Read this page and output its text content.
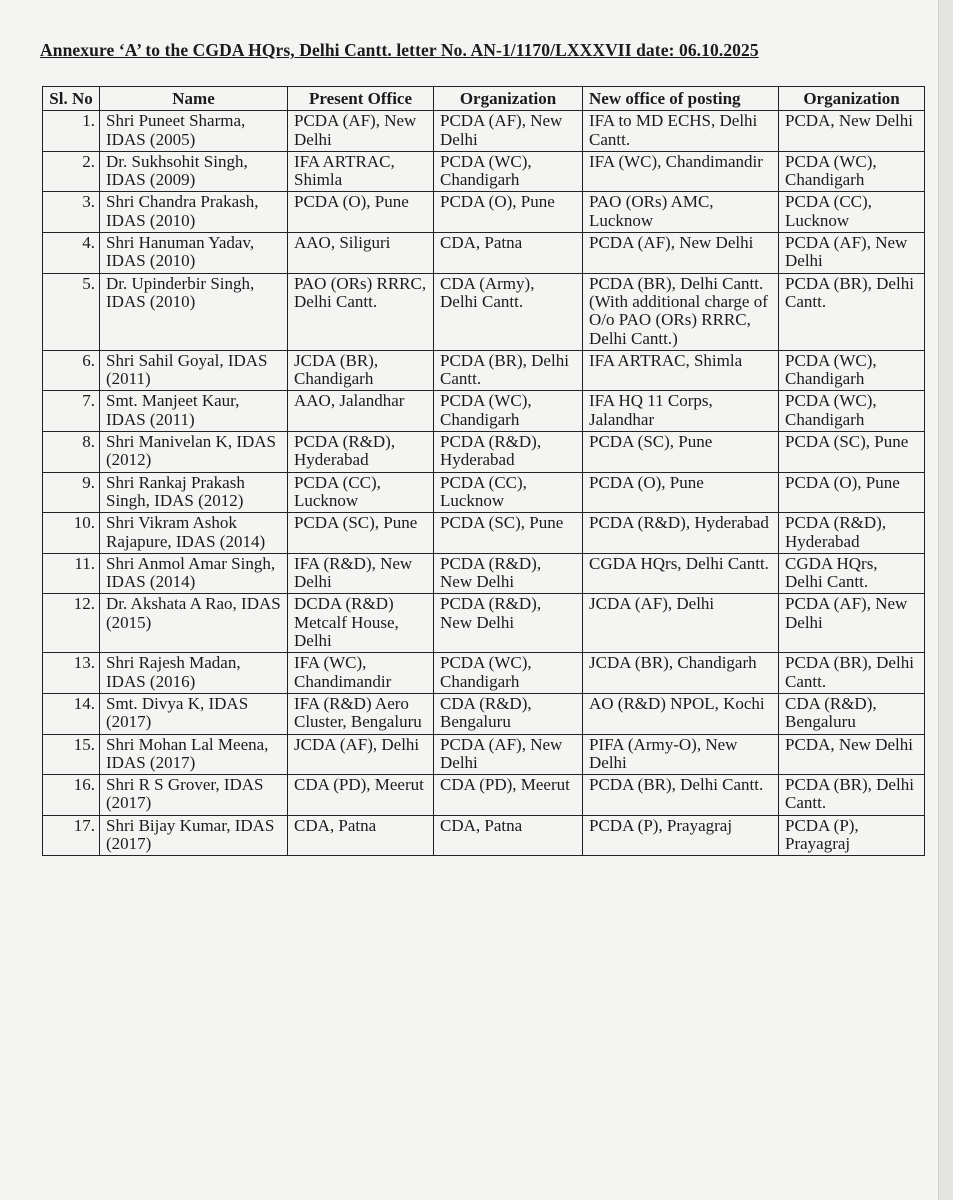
Annexure ‘A’ to the CGDA HQrs, Delhi Cantt. letter No. AN-1/1170/LXXXVII date: 06.10.2025
Sl. No	Name	Present Office	Organization	New office of posting	Organization
1.	Shri Puneet Sharma, IDAS (2005)	PCDA (AF), New Delhi	PCDA (AF), New Delhi	IFA to MD ECHS, Delhi Cantt.	PCDA, New Delhi
2.	Dr. Sukhsohit Singh, IDAS (2009)	IFA ARTRAC, Shimla	PCDA (WC), Chandigarh	IFA (WC), Chandimandir	PCDA (WC), Chandigarh
3.	Shri Chandra Prakash, IDAS (2010)	PCDA (O), Pune	PCDA (O), Pune	PAO (ORs) AMC, Lucknow	PCDA (CC), Lucknow
4.	Shri Hanuman Yadav, IDAS (2010)	AAO, Siliguri	CDA, Patna	PCDA (AF), New Delhi	PCDA (AF), New Delhi
5.	Dr. Upinderbir Singh, IDAS (2010)	PAO (ORs) RRRC, Delhi Cantt.	CDA (Army), Delhi Cantt.	PCDA (BR), Delhi Cantt. (With additional charge of O/o PAO (ORs) RRRC, Delhi Cantt.)	PCDA (BR), Delhi Cantt.
6.	Shri Sahil Goyal, IDAS (2011)	JCDA (BR), Chandigarh	PCDA (BR), Delhi Cantt.	IFA ARTRAC, Shimla	PCDA (WC), Chandigarh
7.	Smt. Manjeet Kaur, IDAS (2011)	AAO, Jalandhar	PCDA (WC), Chandigarh	IFA HQ 11 Corps, Jalandhar	PCDA (WC), Chandigarh
8.	Shri Manivelan K, IDAS (2012)	PCDA (R&D), Hyderabad	PCDA (R&D), Hyderabad	PCDA (SC), Pune	PCDA (SC), Pune
9.	Shri Rankaj Prakash Singh, IDAS (2012)	PCDA (CC), Lucknow	PCDA (CC), Lucknow	PCDA (O), Pune	PCDA (O), Pune
10.	Shri Vikram Ashok Rajapure, IDAS (2014)	PCDA (SC), Pune	PCDA (SC), Pune	PCDA (R&D), Hyderabad	PCDA (R&D), Hyderabad
11.	Shri Anmol Amar Singh, IDAS (2014)	IFA (R&D), New Delhi	PCDA (R&D), New Delhi	CGDA HQrs, Delhi Cantt.	CGDA HQrs, Delhi Cantt.
12.	Dr. Akshata A Rao, IDAS (2015)	DCDA (R&D) Metcalf House, Delhi	PCDA (R&D), New Delhi	JCDA (AF), Delhi	PCDA (AF), New Delhi
13.	Shri Rajesh Madan, IDAS (2016)	IFA (WC), Chandimandir	PCDA (WC), Chandigarh	JCDA (BR), Chandigarh	PCDA (BR), Delhi Cantt.
14.	Smt. Divya K, IDAS (2017)	IFA (R&D) Aero Cluster, Bengaluru	CDA (R&D), Bengaluru	AO (R&D) NPOL, Kochi	CDA (R&D), Bengaluru
15.	Shri Mohan Lal Meena, IDAS (2017)	JCDA (AF), Delhi	PCDA (AF), New Delhi	PIFA (Army-O), New Delhi	PCDA, New Delhi
16.	Shri R S Grover, IDAS (2017)	CDA (PD), Meerut	CDA (PD), Meerut	PCDA (BR), Delhi Cantt.	PCDA (BR), Delhi Cantt.
17.	Shri Bijay Kumar, IDAS (2017)	CDA, Patna	CDA, Patna	PCDA (P), Prayagraj	PCDA (P), Prayagraj
